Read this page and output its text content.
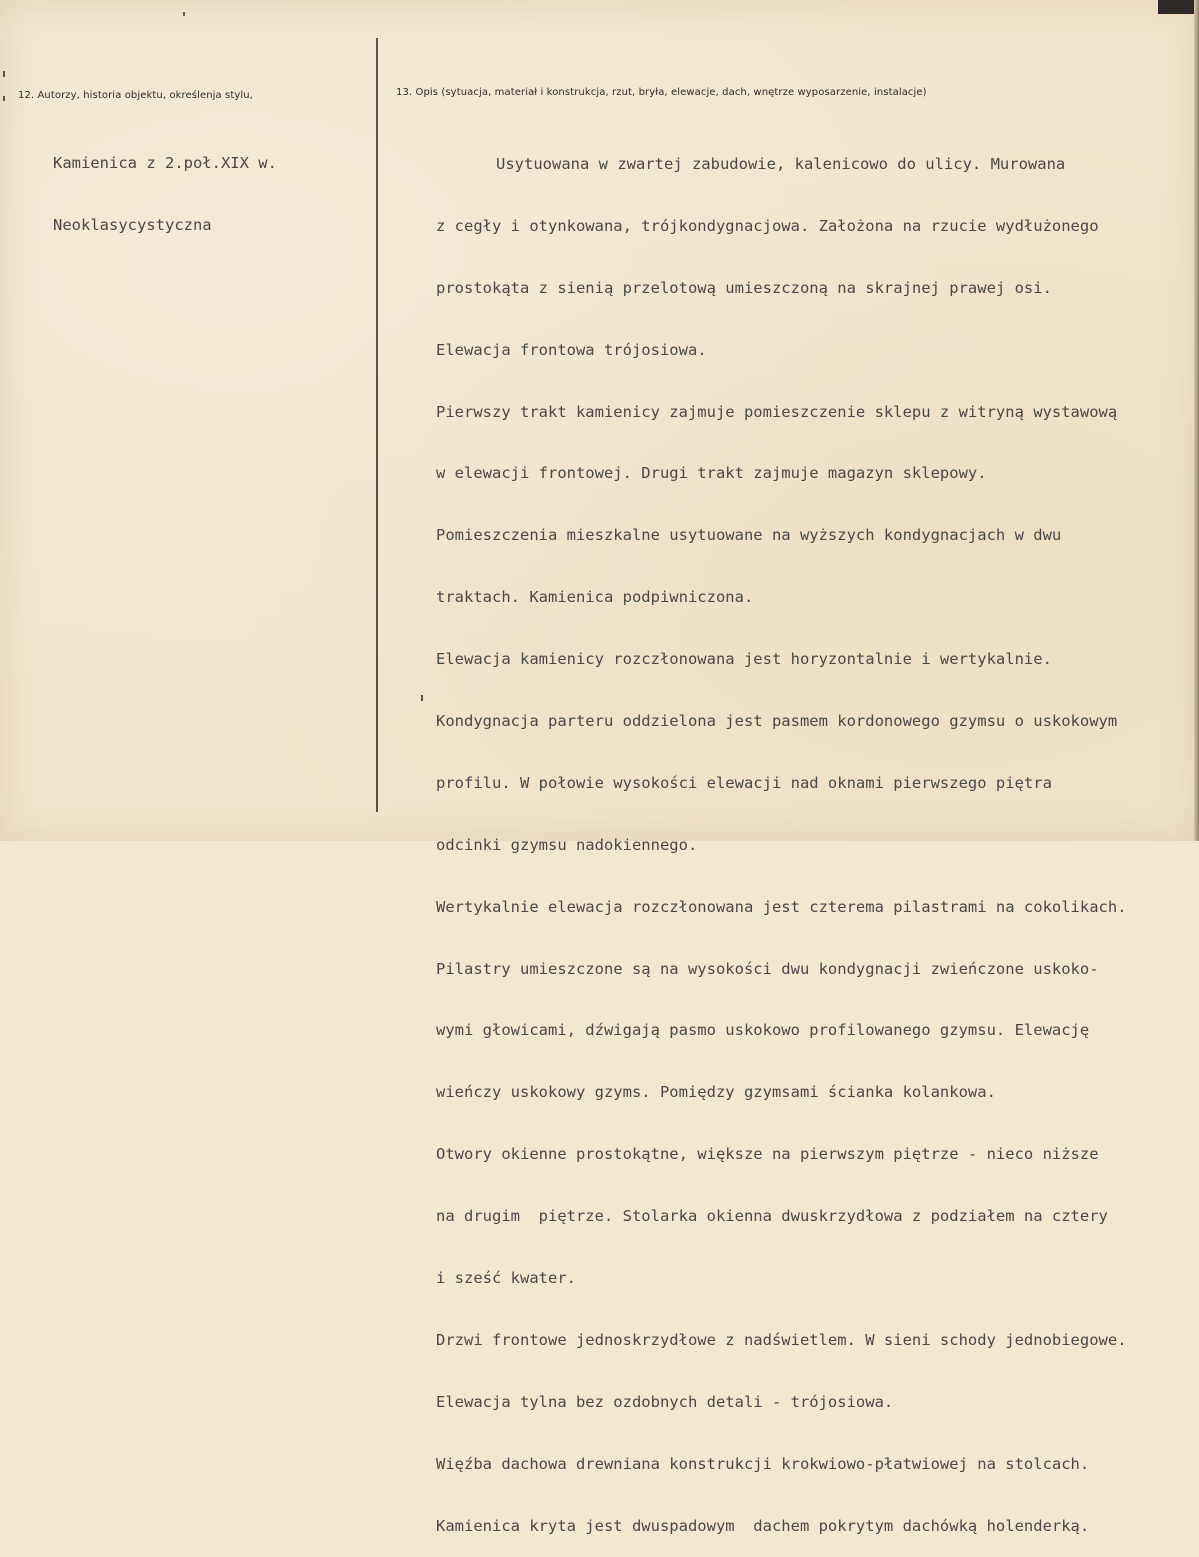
12. Autorzy, historia objektu, określenja stylu,	13. Opis (sytuacja, materiał i konstrukcja, rzut, bryła, elewacje, dach, wnętrze wyposarzenie, instalacje)

Kamienica z 2.poł.XIX w.

Neoklasycystyczna

Usytuowana w zwartej zabudowie, kalenicowo do ulicy. Murowana

z cegły i otynkowana, trójkondygnacjowa. Założona na rzucie wydłużonego

prostokąta z sienią przelotową umieszczoną na skrajnej prawej osi.

Elewacja frontowa trójosiowa.

Pierwszy trakt kamienicy zajmuje pomieszczenie sklepu z witryną wystawową

w elewacji frontowej. Drugi trakt zajmuje magazyn sklepowy.

Pomieszczenia mieszkalne usytuowane na wyższych kondygnacjach w dwu

traktach. Kamienica podpiwniczona.

Elewacja kamienicy rozczłonowana jest horyzontalnie i wertykalnie.

Kondygnacja parteru oddzielona jest pasmem kordonowego gzymsu o uskokowym

profilu. W połowie wysokości elewacji nad oknami pierwszego piętra

odcinki gzymsu nadokiennego.

Wertykalnie elewacja rozczłonowana jest czterema pilastrami na cokolikach.

Pilastry umieszczone są na wysokości dwu kondygnacji zwieńczone uskoko-

wymi głowicami, dźwigają pasmo uskokowo profilowanego gzymsu. Elewację

wieńczy uskokowy gzyms. Pomiędzy gzymsami ścianka kolankowa.

Otwory okienne prostokątne, większe na pierwszym piętrze - nieco niższe

na drugim  piętrze. Stolarka okienna dwuskrzydłowa z podziałem na cztery

i sześć kwater.

Drzwi frontowe jednoskrzydłowe z nadświetlem. W sieni schody jednobiegowe.

Elewacja tylna bez ozdobnych detali - trójosiowa.

Więźba dachowa drewniana konstrukcji krokwiowo-płatwiowej na stolcach.

Kamienica kryta jest dwuspadowym  dachem pokrytym dachówką holenderką.
